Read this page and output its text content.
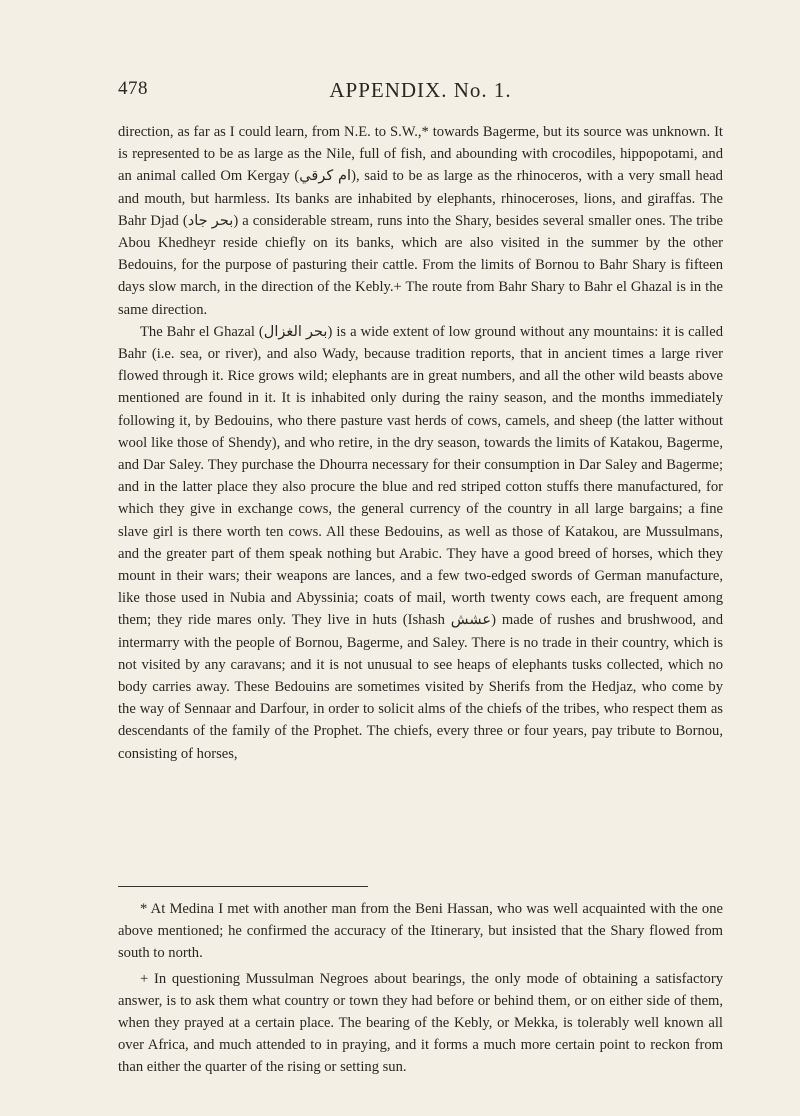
478	APPENDIX. No. 1.

direction, as far as I could learn, from N.E. to S.W.,* towards Bagerme, but its source was unknown. It is represented to be as large as the Nile, full of fish, and abounding with crocodiles, hippopotami, and an animal called Om Kergay (ام كرقي), said to be as large as the rhinoceros, with a very small head and mouth, but harmless. Its banks are inhabited by elephants, rhinoceroses, lions, and giraffas. The Bahr Djad (بحر جاد) a considerable stream, runs into the Shary, besides several smaller ones. The tribe Abou Khedheyr reside chiefly on its banks, which are also visited in the summer by the other Bedouins, for the purpose of pasturing their cattle. From the limits of Bornou to Bahr Shary is fifteen days slow march, in the direction of the Kebly.+ The route from Bahr Shary to Bahr el Ghazal is in the same direction.

The Bahr el Ghazal (بحر الغزال) is a wide extent of low ground without any mountains: it is called Bahr (i.e. sea, or river), and also Wady, because tradition reports, that in ancient times a large river flowed through it. Rice grows wild; elephants are in great numbers, and all the other wild beasts above mentioned are found in it. It is inhabited only during the rainy season, and the months immediately following it, by Bedouins, who there pasture vast herds of cows, camels, and sheep (the latter without wool like those of Shendy), and who retire, in the dry season, towards the limits of Katakou, Bagerme, and Dar Saley. They purchase the Dhourra necessary for their consumption in Dar Saley and Bagerme; and in the latter place they also procure the blue and red striped cotton stuffs there manufactured, for which they give in exchange cows, the general currency of the country in all large bargains; a fine slave girl is there worth ten cows. All these Bedouins, as well as those of Katakou, are Mussulmans, and the greater part of them speak nothing but Arabic. They have a good breed of horses, which they mount in their wars; their weapons are lances, and a few two-edged swords of German manufacture, like those used in Nubia and Abyssinia; coats of mail, worth twenty cows each, are frequent among them; they ride mares only. They live in huts (Ishash عشش) made of rushes and brushwood, and intermarry with the people of Bornou, Bagerme, and Saley. There is no trade in their country, which is not visited by any caravans; and it is not unusual to see heaps of elephants tusks collected, which no body carries away. These Bedouins are sometimes visited by Sherifs from the Hedjaz, who come by the way of Sennaar and Darfour, in order to solicit alms of the chiefs of the tribes, who respect them as descendants of the family of the Prophet. The chiefs, every three or four years, pay tribute to Bornou, consisting of horses,

* At Medina I met with another man from the Beni Hassan, who was well acquainted with the one above mentioned; he confirmed the accuracy of the Itinerary, but insisted that the Shary flowed from south to north.

+ In questioning Mussulman Negroes about bearings, the only mode of obtaining a satisfactory answer, is to ask them what country or town they had before or behind them, or on either side of them, when they prayed at a certain place. The bearing of the Kebly, or Mekka, is tolerably well known all over Africa, and much attended to in praying, and it forms a much more certain point to reckon from than either the quarter of the rising or setting sun.
